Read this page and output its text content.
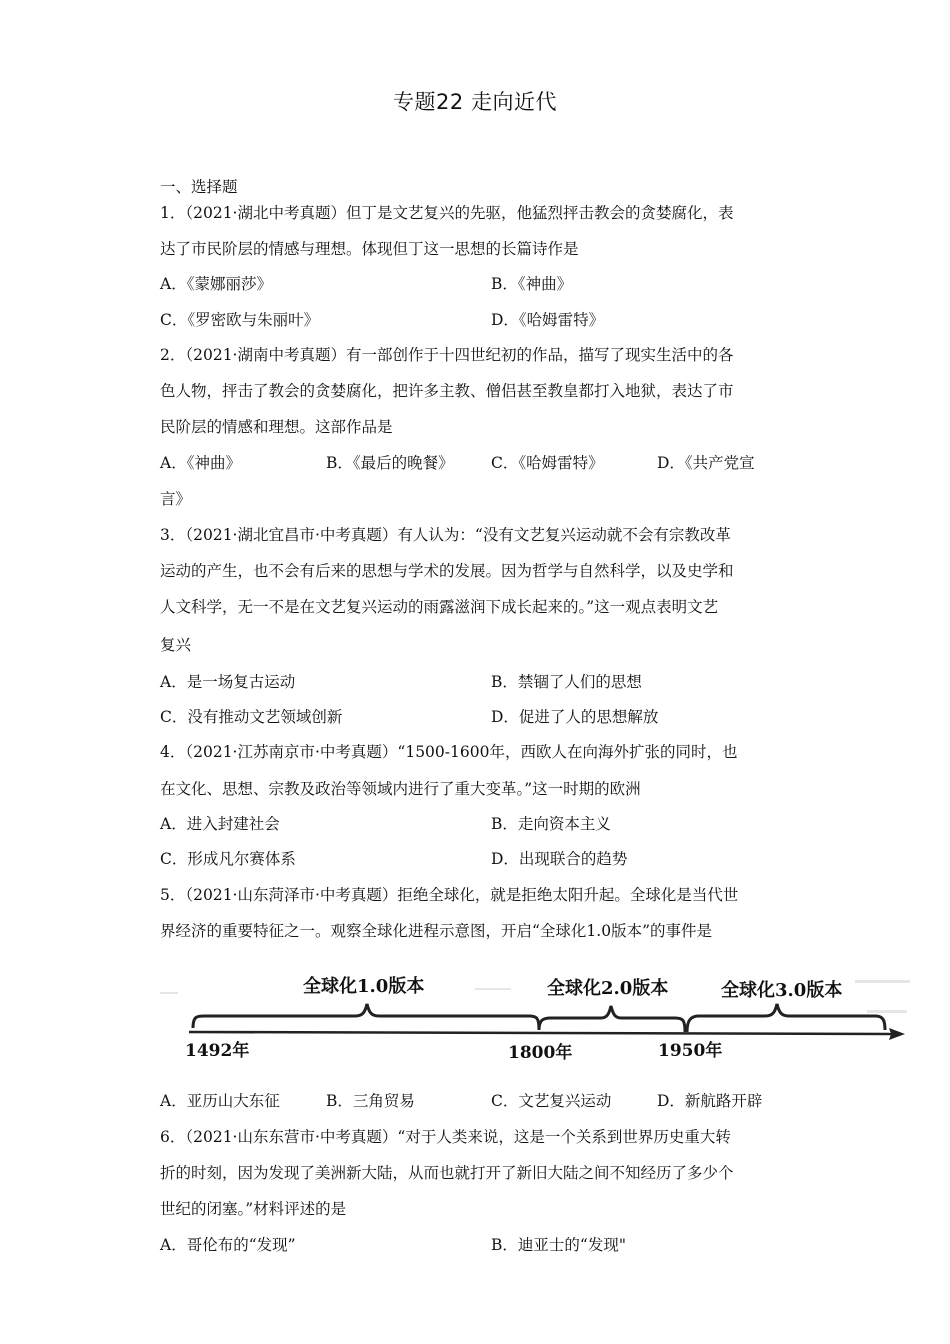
专题22 走向近代
一、选择题
1．（2021·湖北中考真题）但丁是文艺复兴的先驱，他猛烈抨击教会的贪婪腐化，表
达了市民阶层的情感与理想。体现但丁这一思想的长篇诗作是
A．《蒙娜丽莎》	B．《神曲》
C．《罗密欧与朱丽叶》	D．《哈姆雷特》
2．（2021·湖南中考真题）有一部创作于十四世纪初的作品，描写了现实生活中的各
色人物，抨击了教会的贪婪腐化，把许多主教、僧侣甚至教皇都打入地狱，表达了市
民阶层的情感和理想。这部作品是
A．《神曲》	B．《最后的晚餐》 C．《哈姆雷特》	D．《共产党宣
言》
3．（2021·湖北宜昌市·中考真题）有人认为：“没有文艺复兴运动就不会有宗教改革
运动的产生，也不会有后来的思想与学术的发展。因为哲学与自然科学，以及史学和
人文科学，无一不是在文艺复兴运动的雨露滋润下成长起来的。”这一观点表明文艺
复兴
A．是一场复古运动	B．禁锢了人们的思想
C．没有推动文艺领域创新	D．促进了人的思想解放
4．（2021·江苏南京市·中考真题）“1500-1600年，西欧人在向海外扩张的同时，也
在文化、思想、宗教及政治等领域内进行了重大变革。”这一时期的欧洲
A．进入封建社会	B．走向资本主义
C．形成凡尔赛体系	D．出现联合的趋势
5．（2021·山东菏泽市·中考真题）拒绝全球化，就是拒绝太阳升起。全球化是当代世
界经济的重要特征之一。观察全球化进程示意图，开启“全球化1.0版本”的事件是
全球化1.0版本	全球化2.0版本	全球化3.0版本
1492年	1800年	1950年
A．亚历山大东征	B．三角贸易	C．文艺复兴运动	D．新航路开辟
6．（2021·山东东营市·中考真题）“对于人类来说，这是一个关系到世界历史重大转
折的时刻，因为发现了美洲新大陆，从而也就打开了新旧大陆之间不知经历了多少个
世纪的闭塞。”材料评述的是
A．哥伦布的“发现”	B．迪亚士的“发现"
